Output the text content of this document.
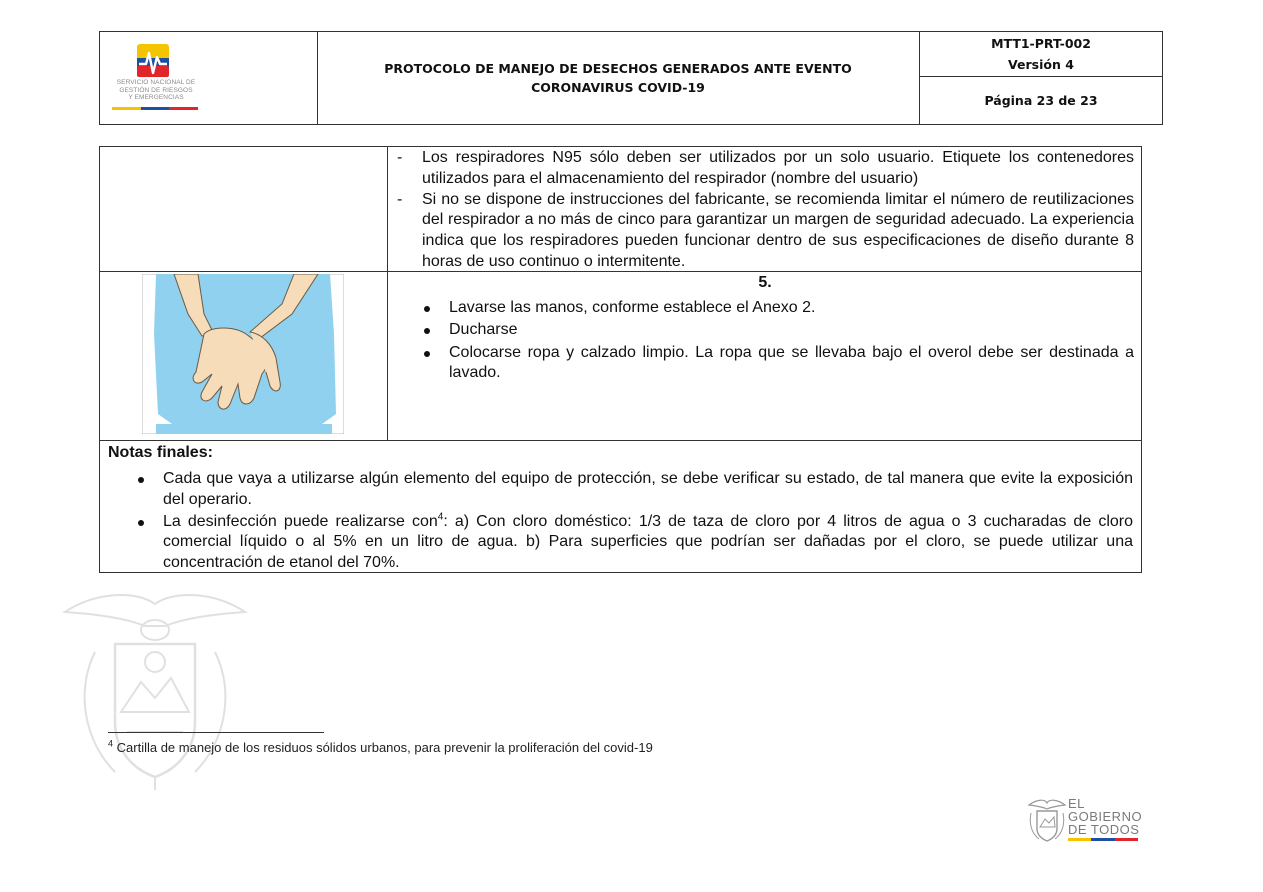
SERVICIO NACIONAL DE
GESTIÓN DE RIESGOS
Y EMERGENCIAS
PROTOCOLO DE MANEJO DE DESECHOS GENERADOS ANTE EVENTO CORONAVIRUS COVID-19
MTT1-PRT-002
Versión 4
Página 23 de 23
- Los respiradores N95 sólo deben ser utilizados por un solo usuario. Etiquete los contenedores utilizados para el almacenamiento del respirador (nombre del usuario)
- Si no se dispone de instrucciones del fabricante, se recomienda limitar el número de reutilizaciones del respirador a no más de cinco para garantizar un margen de seguridad adecuado. La experiencia indica que los respiradores pueden funcionar dentro de sus especificaciones de diseño durante 8 horas de uso continuo o intermitente.
5.
Lavarse las manos, conforme establece el Anexo 2.
Ducharse
Colocarse ropa y calzado limpio. La ropa que se llevaba bajo el overol debe ser destinada a lavado.
Notas finales:
Cada que vaya a utilizarse algún elemento del equipo de protección, se debe verificar su estado, de tal manera que evite la exposición del operario.
La desinfección puede realizarse con$^4$: a) Con cloro doméstico: 1/3 de taza de cloro por 4 litros de agua o 3 cucharadas de cloro comercial líquido o al 5% en un litro de agua. b) Para superficies que podrían ser dañadas por el cloro, se puede utilizar una concentración de etanol del 70%.
$^4$ Cartilla de manejo de los residuos sólidos urbanos, para prevenir la proliferación del covid-19
EL
GOBIERNO
DE TODOS
